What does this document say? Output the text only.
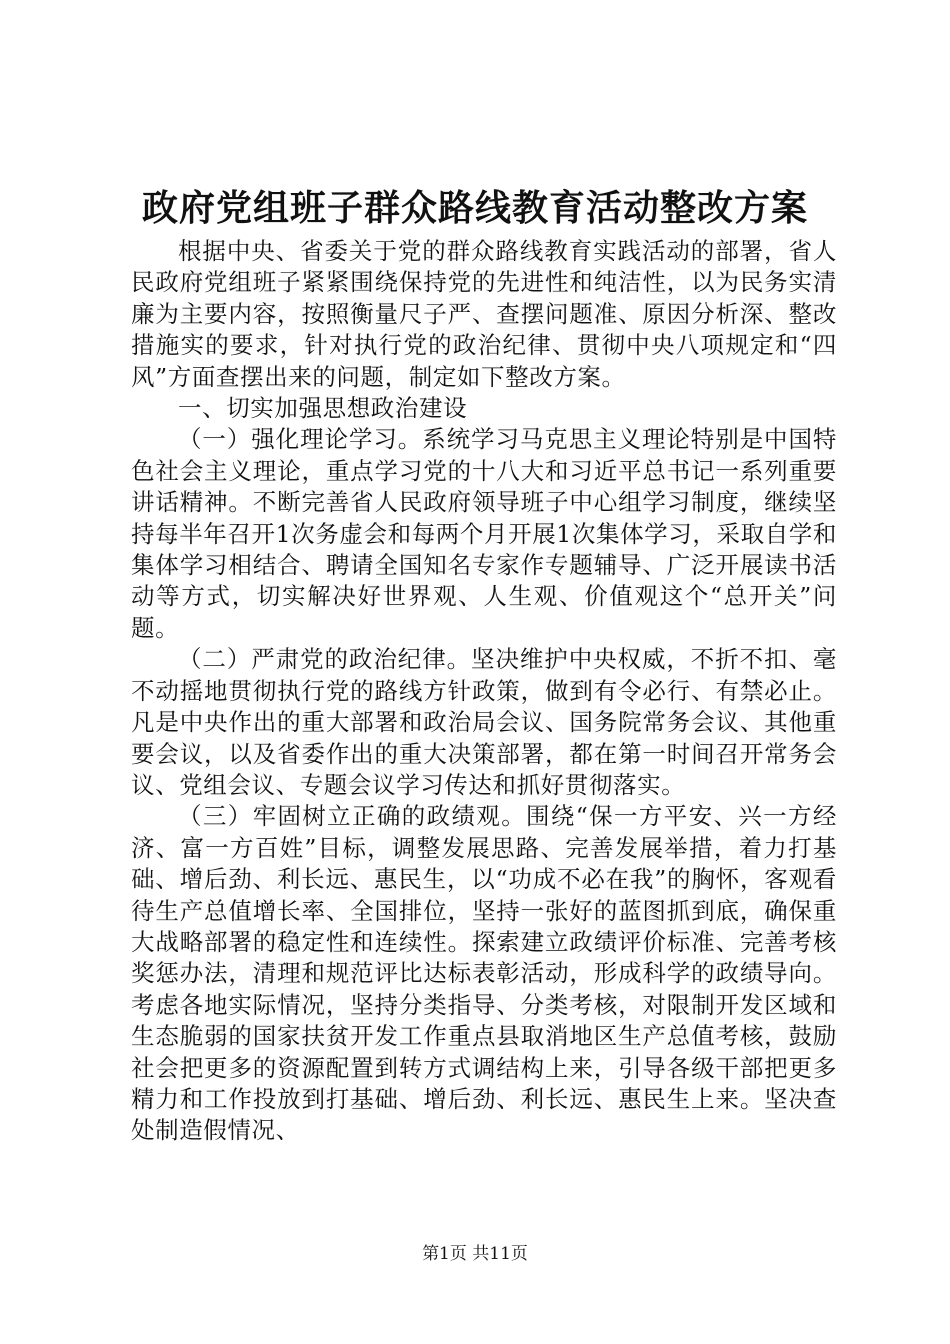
政府党组班子群众路线教育活动整改方案

根据中央、省委关于党的群众路线教育实践活动的部署，省人民政府党组班子紧紧围绕保持党的先进性和纯洁性，以为民务实清廉为主要内容，按照衡量尺子严、查摆问题准、原因分析深、整改措施实的要求，针对执行党的政治纪律、贯彻中央八项规定和“四风”方面查摆出来的问题，制定如下整改方案。

一、切实加强思想政治建设

（一）强化理论学习。系统学习马克思主义理论特别是中国特色社会主义理论，重点学习党的十八大和习近平总书记一系列重要讲话精神。不断完善省人民政府领导班子中心组学习制度，继续坚持每半年召开1次务虚会和每两个月开展1次集体学习，采取自学和集体学习相结合、聘请全国知名专家作专题辅导、广泛开展读书活动等方式，切实解决好世界观、人生观、价值观这个“总开关”问题。

（二）严肃党的政治纪律。坚决维护中央权威，不折不扣、毫不动摇地贯彻执行党的路线方针政策，做到有令必行、有禁必止。凡是中央作出的重大部署和政治局会议、国务院常务会议、其他重要会议，以及省委作出的重大决策部署，都在第一时间召开常务会议、党组会议、专题会议学习传达和抓好贯彻落实。

（三）牢固树立正确的政绩观。围绕“保一方平安、兴一方经济、富一方百姓”目标，调整发展思路、完善发展举措，着力打基础、增后劲、利长远、惠民生，以“功成不必在我”的胸怀，客观看待生产总值增长率、全国排位，坚持一张好的蓝图抓到底，确保重大战略部署的稳定性和连续性。探索建立政绩评价标准、完善考核奖惩办法，清理和规范评比达标表彰活动，形成科学的政绩导向。考虑各地实际情况，坚持分类指导、分类考核，对限制开发区域和生态脆弱的国家扶贫开发工作重点县取消地区生产总值考核，鼓励社会把更多的资源配置到转方式调结构上来，引导各级干部把更多精力和工作投放到打基础、增后劲、利长远、惠民生上来。坚决查处制造假情况、

第1页 共11页
